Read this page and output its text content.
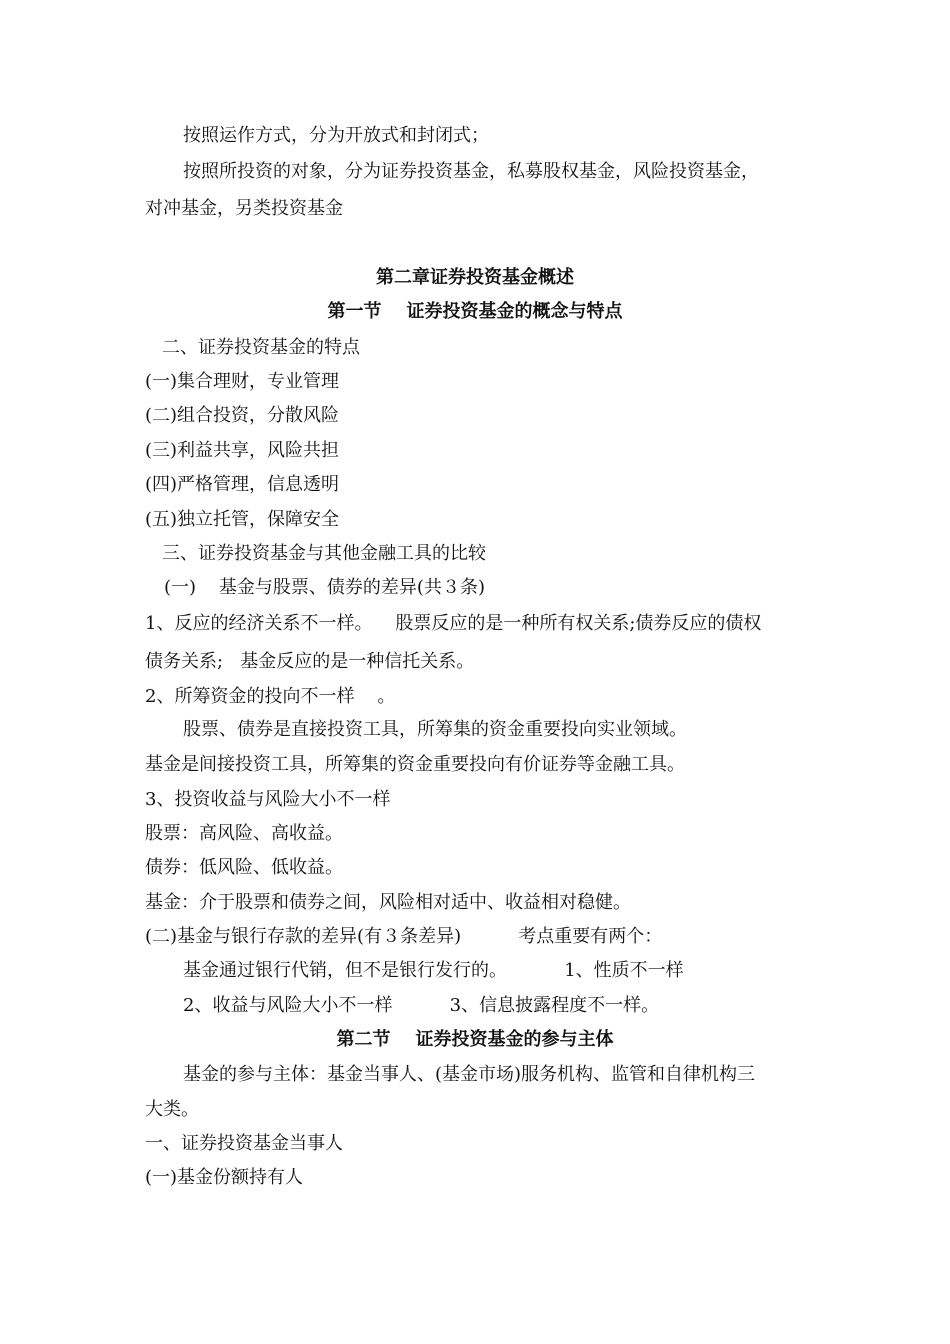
按照运作方式，分为开放式和封闭式；
按照所投资的对象，分为证券投资基金，私募股权基金，风险投资基金，
对冲基金，另类投资基金
第二章证券投资基金概述
第一节    证券投资基金的概念与特点
二、证券投资基金的特点
(一)集合理财，专业管理
(二)组合投资，分散风险
(三)利益共享，风险共担
(四)严格管理，信息透明
(五)独立托管，保障安全
三、证券投资基金与其他金融工具的比较
(一)    基金与股票、债券的差异(共３条)
1、反应的经济关系不一样。    股票反应的是一种所有权关系;债券反应的债权
债务关系;   基金反应的是一种信托关系。
2、所筹资金的投向不一样    。
股票、债券是直接投资工具，所筹集的资金重要投向实业领域。
基金是间接投资工具，所筹集的资金重要投向有价证券等金融工具。
3、投资收益与风险大小不一样
股票：高风险、高收益。
债券：低风险、低收益。
基金：介于股票和债券之间，风险相对适中、收益相对稳健。
(二)基金与银行存款的差异(有３条差异)          考点重要有两个：
基金通过银行代销，但不是银行发行的。          1、性质不一样
2、收益与风险大小不一样          3、信息披露程度不一样。
第二节    证券投资基金的参与主体
基金的参与主体：基金当事人、(基金市场)服务机构、监管和自律机构三
大类。
一、证券投资基金当事人
(一)基金份额持有人
